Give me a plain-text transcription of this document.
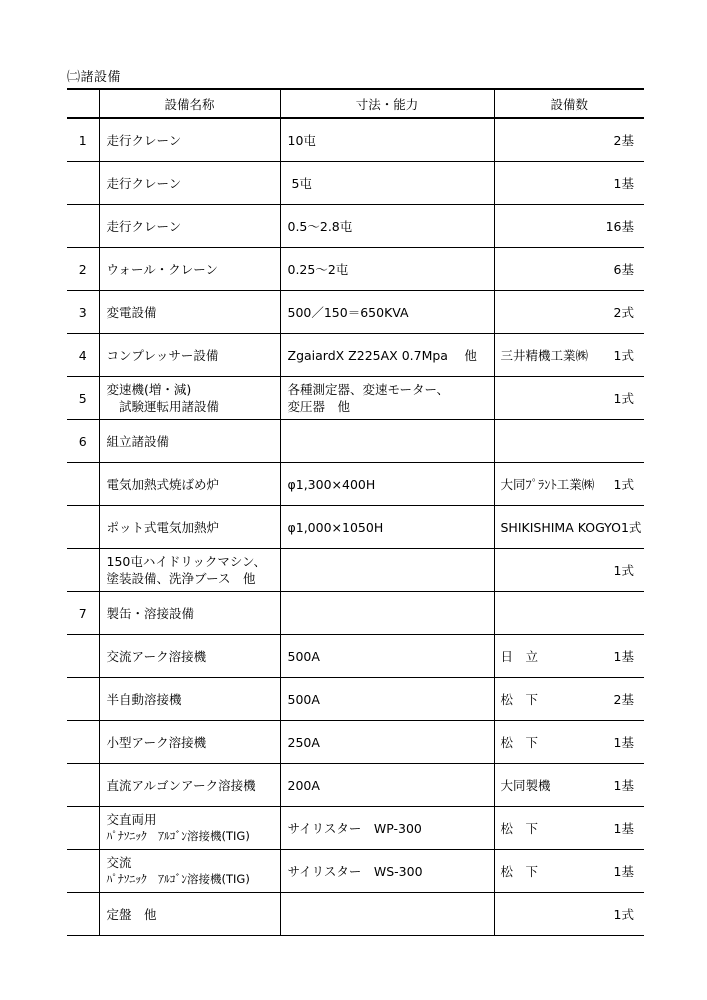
㈡諸設備
	設備名称	寸法・能力	設備数
1	走行クレーン	10屯	2基

	走行クレーン	5屯	1基

	走行クレーン	0.5～2.8屯	16基

2	ウォール・クレーン	0.25～2屯	6基

3	変電設備	500／150＝650KVA	2式

4	コンプレッサー設備	ZgaiardX Z225AX 0.7Mpa　 他	三井精機工業㈱ 1式

5	変速機(増・減)
　試験運転用諸設備	各種測定器、変速モーター、
変圧器　他	1式

6	組立諸設備		

	電気加熱式焼ばめ炉	φ1,300×400H	大同ﾌﾟﾗﾝﾄ工業㈱ 1式

	ポット式電気加熱炉	φ1,000×1050H	SHIKISHIMA KOGYO 1式

	150屯ハイドリックマシン、
塗装設備、洗浄ブース　他		1式

7	製缶・溶接設備		

	交流アーク溶接機	500A	日　立 1基

	半自動溶接機	500A	松　下 2基

	小型アーク溶接機	250A	松　下 1基

	直流アルゴンアーク溶接機	200A	大同製機 1基

	交直両用
ﾊﾟﾅｿﾆｯｸ　ｱﾙｺﾞﾝ溶接機(TIG)	サイリスター　WP-300	松　下 1基

	交流
ﾊﾟﾅｿﾆｯｸ　ｱﾙｺﾞﾝ溶接機(TIG)	サイリスター　WS-300	松　下 1基

	定盤　他		1式
